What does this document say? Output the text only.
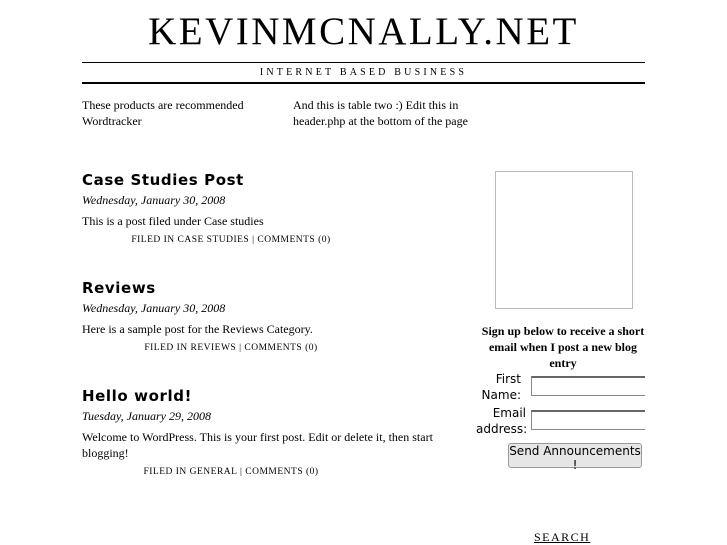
KEVINMCNALLY.NET
INTERNET BASED BUSINESS
These products are recommended Wordtracker
And this is table two :) Edit this in header.php at the bottom of the page
Case Studies Post
Wednesday, January 30, 2008
This is a post filed under Case studies
FILED IN CASE STUDIES | COMMENTS (0)
Reviews
Wednesday, January 30, 2008
Here is a sample post for the Reviews Category.
FILED IN REVIEWS | COMMENTS (0)
Hello world!
Tuesday, January 29, 2008
Welcome to WordPress. This is your first post. Edit or delete it, then start blogging!
FILED IN GENERAL | COMMENTS (0)
Sign up below to receive a short email when I post a new blog entry
First Name:
Email address:
Send Announcements !
SEARCH
